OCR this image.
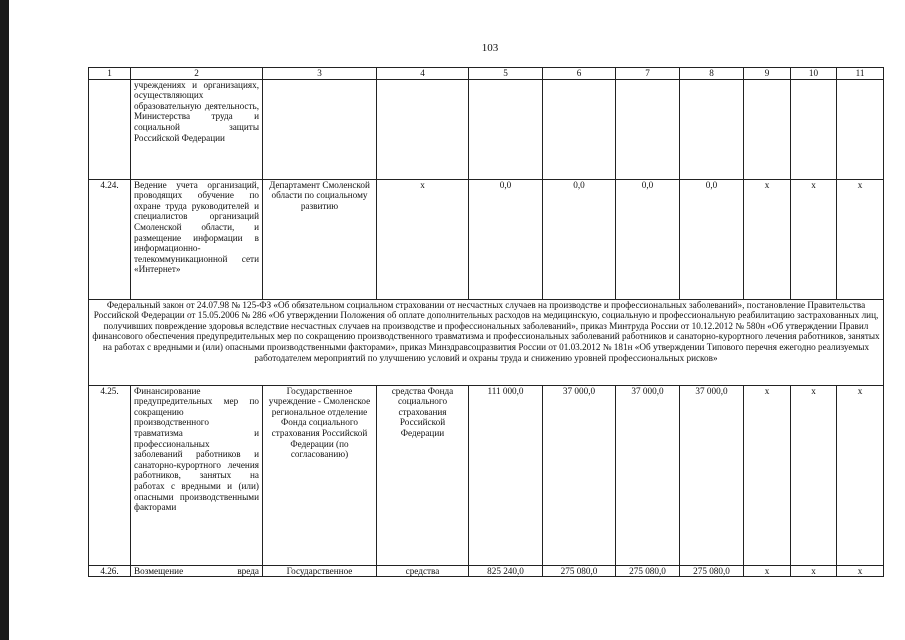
103
1	2	3	4	5	6	7	8	9	10	11
	учреждениях и организациях, осуществляющих образовательную деятельность, Министерства труда и социальной защиты Российской Федерации									
4.24.	Ведение учета организаций, проводящих обучение по охране труда руководителей и специалистов организаций Смоленской области, и размещение информации в информационно-телекоммуникационной сети «Интернет»	Департамент Смоленской области по социальному развитию	x	0,0	0,0	0,0	0,0	x	x	x
Федеральный закон от 24.07.98 № 125-ФЗ «Об обязательном социальном страховании от несчастных случаев на производстве и профессиональных заболеваний», постановление Правительства Российской Федерации от 15.05.2006 № 286 «Об утверждении Положения об оплате дополнительных расходов на медицинскую, социальную и профессиональную реабилитацию застрахованных лиц, получивших повреждение здоровья вследствие несчастных случаев на производстве и профессиональных заболеваний», приказ Минтруда России от 10.12.2012 № 580н «Об утверждении Правил финансового обеспечения предупредительных мер по сокращению производственного травматизма и профессиональных заболеваний работников и санаторно-курортного лечения работников, занятых на работах с вредными и (или) опасными производственными факторами», приказ Минздравсоцразвития России от 01.03.2012 № 181н «Об утверждении Типового перечня ежегодно реализуемых работодателем мероприятий по улучшению условий и охраны труда и снижению уровней профессиональных рисков»										
4.25.	Финансирование предупредительных мер по сокращению производственного травматизма и профессиональных заболеваний работников и санаторно-курортного лечения работников, занятых на работах с вредными и (или) опасными производственными факторами	Государственное учреждение - Смоленское региональное отделение Фонда социального страхования Российской Федерации (по согласованию)	средства Фонда социального страхования Российской Федерации	111 000,0	37 000,0	37 000,0	37 000,0	x	x	x
4.26.	Возмещение вреда	Государственное	средства	825 240,0	275 080,0	275 080,0	275 080,0	x	x	x
